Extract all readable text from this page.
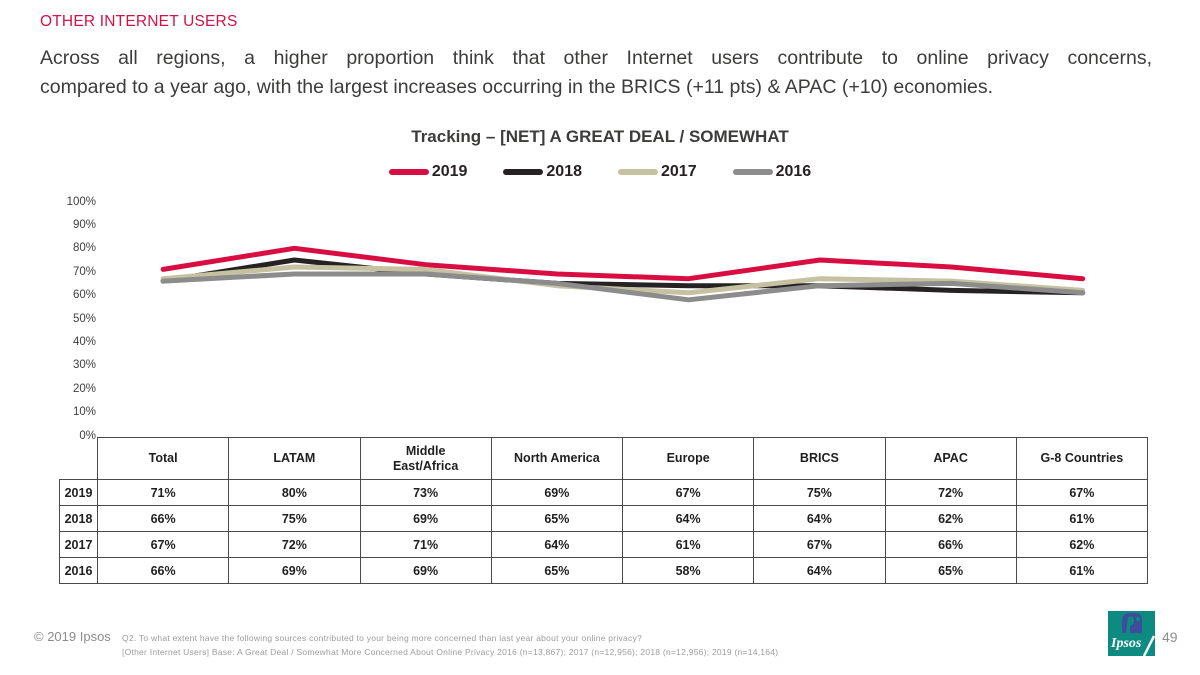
OTHER INTERNET USERS
Across all regions, a higher proportion think that other Internet users contribute to online privacy concerns,
compared to a year ago, with the largest increases occurring in the BRICS (+11 pts) & APAC (+10) economies.
Tracking – [NET] A GREAT DEAL / SOMEWHAT
2019	2018	2017	2016
100%
90%
80%
70%
60%
50%
40%
30%
20%
10%
0%
	Total	LATAM	Middle East/Africa	North America	Europe	BRICS	APAC	G-8 Countries
2019	71%	80%	73%	69%	67%	75%	72%	67%
2018	66%	75%	69%	65%	64%	64%	62%	61%
2017	67%	72%	71%	64%	61%	67%	66%	62%
2016	66%	69%	69%	65%	58%	64%	65%	61%
© 2019 Ipsos Q2. To what extent have the following sources contributed to your being more concerned than last year about your online privacy?
[Other Internet Users] Base: A Great Deal / Somewhat More Concerned About Online Privacy 2016 (n=13,867); 2017 (n=12,956); 2018 (n=12,956); 2019 (n=14,164)
Ipsos 49
